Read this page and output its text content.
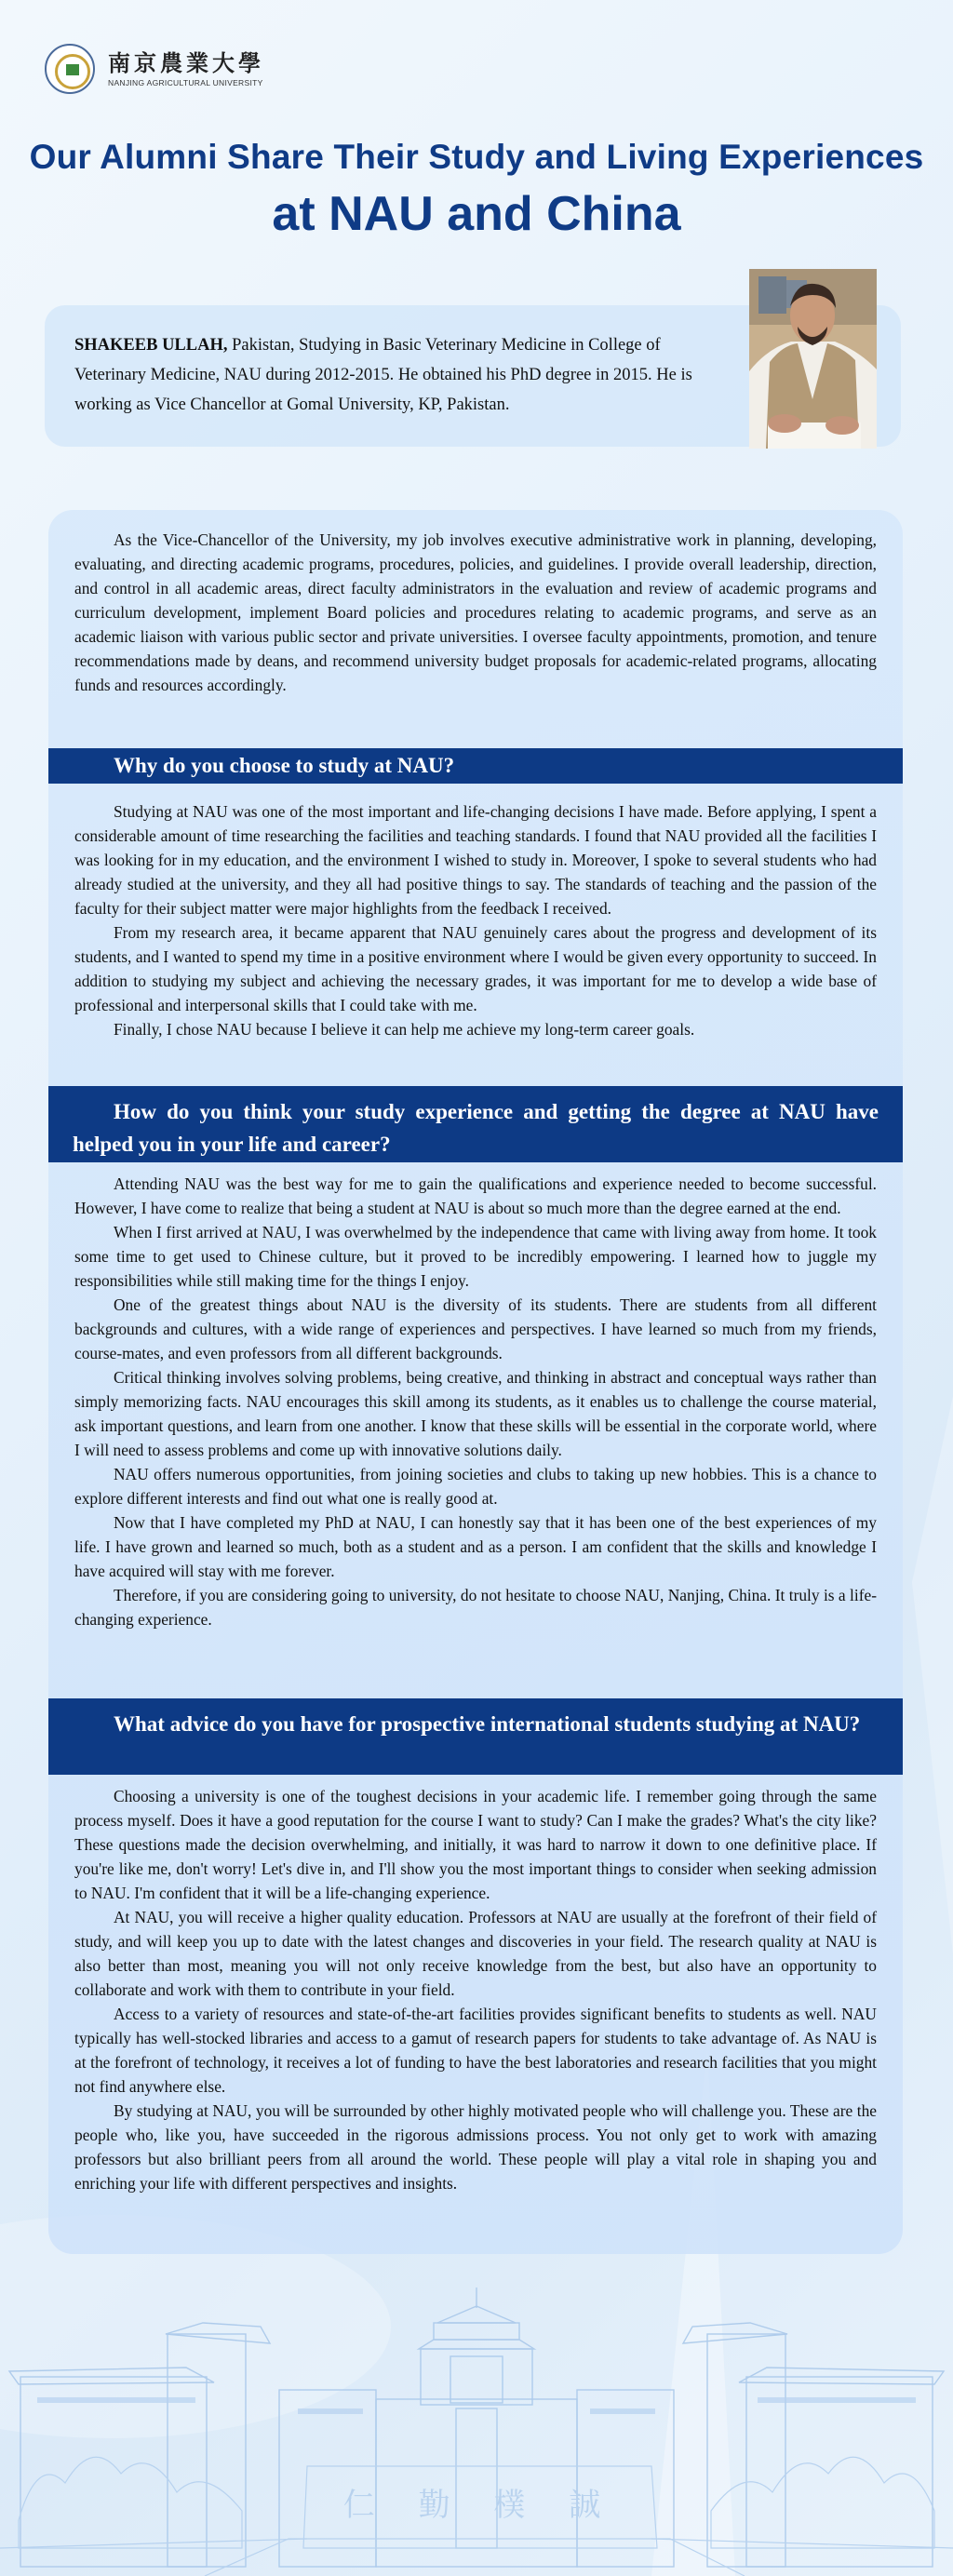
南京農業大學
NANJING AGRICULTURAL UNIVERSITY
Our Alumni Share Their Study and Living Experiences
at NAU and China
SHAKEEB ULLAH, Pakistan, Studying in Basic Veterinary Medicine in College of Veterinary Medicine, NAU during 2012-2015. He obtained his PhD degree in 2015. He is working as Vice Chancellor at Gomal University, KP, Pakistan.

As the Vice-Chancellor of the University, my job involves executive administrative work in planning, developing, evaluating, and directing academic programs, procedures, policies, and guidelines. I provide overall leadership, direction, and control in all academic areas, direct faculty administrators in the evaluation and review of academic programs and curriculum development, implement Board policies and procedures relating to academic programs, and serve as an academic liaison with various public sector and private universities. I oversee faculty appointments, promotion, and tenure recommendations made by deans, and recommend university budget proposals for academic-related programs, allocating funds and resources accordingly.

Why do you choose to study at NAU?

Studying at NAU was one of the most important and life-changing decisions I have made. Before applying, I spent a considerable amount of time researching the facilities and teaching standards. I found that NAU provided all the facilities I was looking for in my education, and the environment I wished to study in. Moreover, I spoke to several students who had already studied at the university, and they all had positive things to say. The standards of teaching and the passion of the faculty for their subject matter were major highlights from the feedback I received.

From my research area, it became apparent that NAU genuinely cares about the progress and development of its students, and I wanted to spend my time in a positive environment where I would be given every opportunity to succeed. In addition to studying my subject and achieving the necessary grades, it was important for me to develop a wide base of professional and interpersonal skills that I could take with me.

Finally, I chose NAU because I believe it can help me achieve my long-term career goals.

How do you think your study experience and getting the degree at NAU have helped you in your life and career?

Attending NAU was the best way for me to gain the qualifications and experience needed to become successful. However, I have come to realize that being a student at NAU is about so much more than the degree earned at the end.

When I first arrived at NAU, I was overwhelmed by the independence that came with living away from home. It took some time to get used to Chinese culture, but it proved to be incredibly empowering. I learned how to juggle my responsibilities while still making time for the things I enjoy.

One of the greatest things about NAU is the diversity of its students. There are students from all different backgrounds and cultures, with a wide range of experiences and perspectives. I have learned so much from my friends, course-mates, and even professors from all different backgrounds.

Critical thinking involves solving problems, being creative, and thinking in abstract and conceptual ways rather than simply memorizing facts. NAU encourages this skill among its students, as it enables us to challenge the course material, ask important questions, and learn from one another. I know that these skills will be essential in the corporate world, where I will need to assess problems and come up with innovative solutions daily.

NAU offers numerous opportunities, from joining societies and clubs to taking up new hobbies. This is a chance to explore different interests and find out what one is really good at.

Now that I have completed my PhD at NAU, I can honestly say that it has been one of the best experiences of my life. I have grown and learned so much, both as a student and as a person. I am confident that the skills and knowledge I have acquired will stay with me forever.

Therefore, if you are considering going to university, do not hesitate to choose NAU, Nanjing, China. It truly is a life-changing experience.

What advice do you have for prospective international students studying at NAU?

Choosing a university is one of the toughest decisions in your academic life. I remember going through the same process myself. Does it have a good reputation for the course I want to study? Can I make the grades? What's the city like? These questions made the decision overwhelming, and initially, it was hard to narrow it down to one definitive place. If you're like me, don't worry! Let's dive in, and I'll show you the most important things to consider when seeking admission to NAU. I'm confident that it will be a life-changing experience.

At NAU, you will receive a higher quality education. Professors at NAU are usually at the forefront of their field of study, and will keep you up to date with the latest changes and discoveries in your field. The research quality at NAU is also better than most, meaning you will not only receive knowledge from the best, but also have an opportunity to collaborate and work with them to contribute in your field.

Access to a variety of resources and state-of-the-art facilities provides significant benefits to students as well. NAU typically has well-stocked libraries and access to a gamut of research papers for students to take advantage of. As NAU is at the forefront of technology, it receives a lot of funding to have the best laboratories and research facilities that you might not find anywhere else.

By studying at NAU, you will be surrounded by other highly motivated people who will challenge you. These are the people who, like you, have succeeded in the rigorous admissions process. You not only get to work with amazing professors but also brilliant peers from all around the world. These people will play a vital role in shaping you and enriching your life with different perspectives and insights.

仁 勤 樸 誠
